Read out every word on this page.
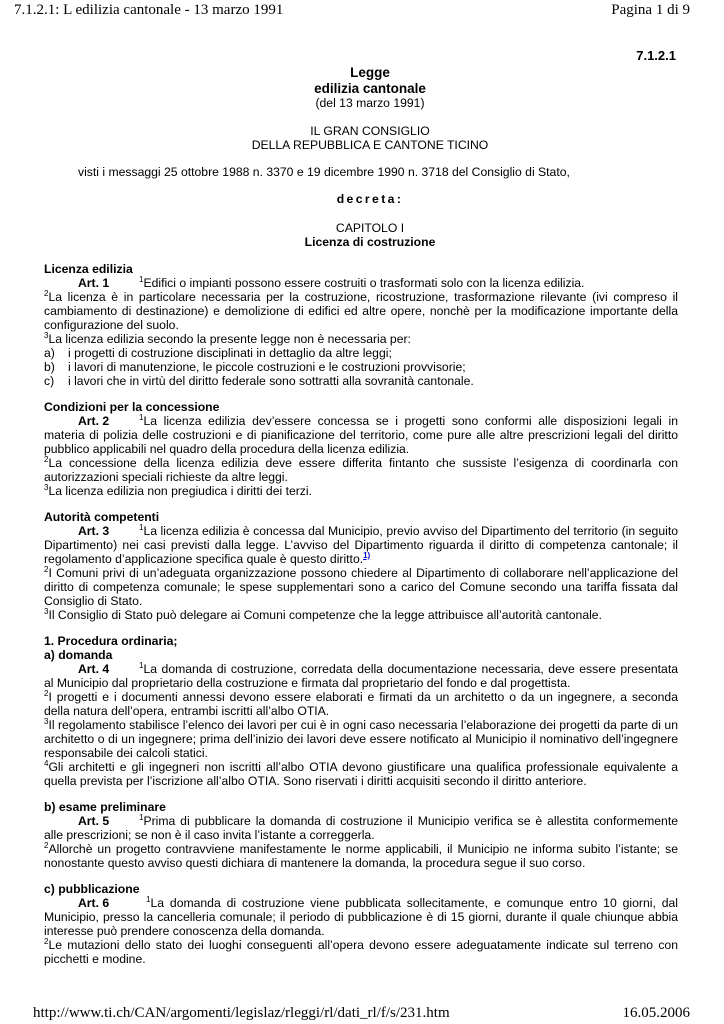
7.1.2.1: L edilizia cantonale - 13 marzo 1991	Pagina 1 di 9
7.1.2.1
Legge
edilizia cantonale
(del 13 marzo 1991)
IL GRAN CONSIGLIO
DELLA REPUBBLICA E CANTONE TICINO
visti i messaggi 25 ottobre 1988 n. 3370 e 19 dicembre 1990 n. 3718 del Consiglio di Stato,
decreta:
CAPITOLO I
Licenza di costruzione
Licenza edilizia
Art. 1	$^1$Edifici o impianti possono essere costruiti o trasformati solo con la licenza edilizia.
$^2$La licenza è in particolare necessaria per la costruzione, ricostruzione, trasformazione rilevante (ivi compreso il cambiamento di destinazione) e demolizione di edifici ed altre opere, nonchè per la modificazione importante della configurazione del suolo.
$^3$La licenza edilizia secondo la presente legge non è necessaria per:
a)	i progetti di costruzione disciplinati in dettaglio da altre leggi;
b)	i lavori di manutenzione, le piccole costruzioni e le costruzioni provvisorie;
c)	i lavori che in virtù del diritto federale sono sottratti alla sovranità cantonale.
Condizioni per la concessione
Art. 2	$^1$La licenza edilizia dev’essere concessa se i progetti sono conformi alle disposizioni legali in materia di polizia delle costruzioni e di pianificazione del territorio, come pure alle altre prescrizioni legali del diritto pubblico applicabili nel quadro della procedura della licenza edilizia.
$^2$La concessione della licenza edilizia deve essere differita fintanto che sussiste l’esigenza di coordinarla con autorizzazioni speciali richieste da altre leggi.
$^3$La licenza edilizia non pregiudica i diritti dei terzi.
Autorità competenti
Art. 3	$^1$La licenza edilizia è concessa dal Municipio, previo avviso del Dipartimento del territorio (in seguito Dipartimento) nei casi previsti dalla legge. L’avviso del Dipartimento riguarda il diritto di competenza cantonale; il regolamento d’applicazione specifica quale è questo diritto.$^{1)}$
$^2$I Comuni privi di un’adeguata organizzazione possono chiedere al Dipartimento di collaborare nell’applicazione del diritto di competenza comunale; le spese supplementari sono a carico del Comune secondo una tariffa fissata dal Consiglio di Stato.
$^3$Il Consiglio di Stato può delegare ai Comuni competenze che la legge attribuisce all’autorità cantonale.
1. Procedura ordinaria;
a) domanda
Art. 4	$^1$La domanda di costruzione, corredata della documentazione necessaria, deve essere presentata al Municipio dal proprietario della costruzione e firmata dal proprietario del fondo e dal progettista.
$^2$I progetti e i documenti annessi devono essere elaborati e firmati da un architetto o da un ingegnere, a seconda della natura dell’opera, entrambi iscritti all’albo OTIA.
$^3$Il regolamento stabilisce l’elenco dei lavori per cui è in ogni caso necessaria l’elaborazione dei progetti da parte di un architetto o di un ingegnere; prima dell’inizio dei lavori deve essere notificato al Municipio il nominativo dell’ingegnere responsabile dei calcoli statici.
$^4$Gli architetti e gli ingegneri non iscritti all’albo OTIA devono giustificare una qualifica professionale equivalente a quella prevista per l’iscrizione all’albo OTIA. Sono riservati i diritti acquisiti secondo il diritto anteriore.
b) esame preliminare
Art. 5	$^1$Prima di pubblicare la domanda di costruzione il Municipio verifica se è allestita conformemente alle prescrizioni; se non è il caso invita l’istante a correggerla.
$^2$Allorchè un progetto contravviene manifestamente le norme applicabili, il Municipio ne informa subito l’istante; se nonostante questo avviso questi dichiara di mantenere la domanda, la procedura segue il suo corso.
c) pubblicazione
Art. 6	$^1$La domanda di costruzione viene pubblicata sollecitamente, e comunque entro 10 giorni, dal Municipio, presso la cancelleria comunale; il periodo di pubblicazione è di 15 giorni, durante il quale chiunque abbia interesse può prendere conoscenza della domanda.
$^2$Le mutazioni dello stato dei luoghi conseguenti all’opera devono essere adeguatamente indicate sul terreno con picchetti e modine.
http://www.ti.ch/CAN/argomenti/legislaz/rleggi/rl/dati_rl/f/s/231.htm	16.05.2006
